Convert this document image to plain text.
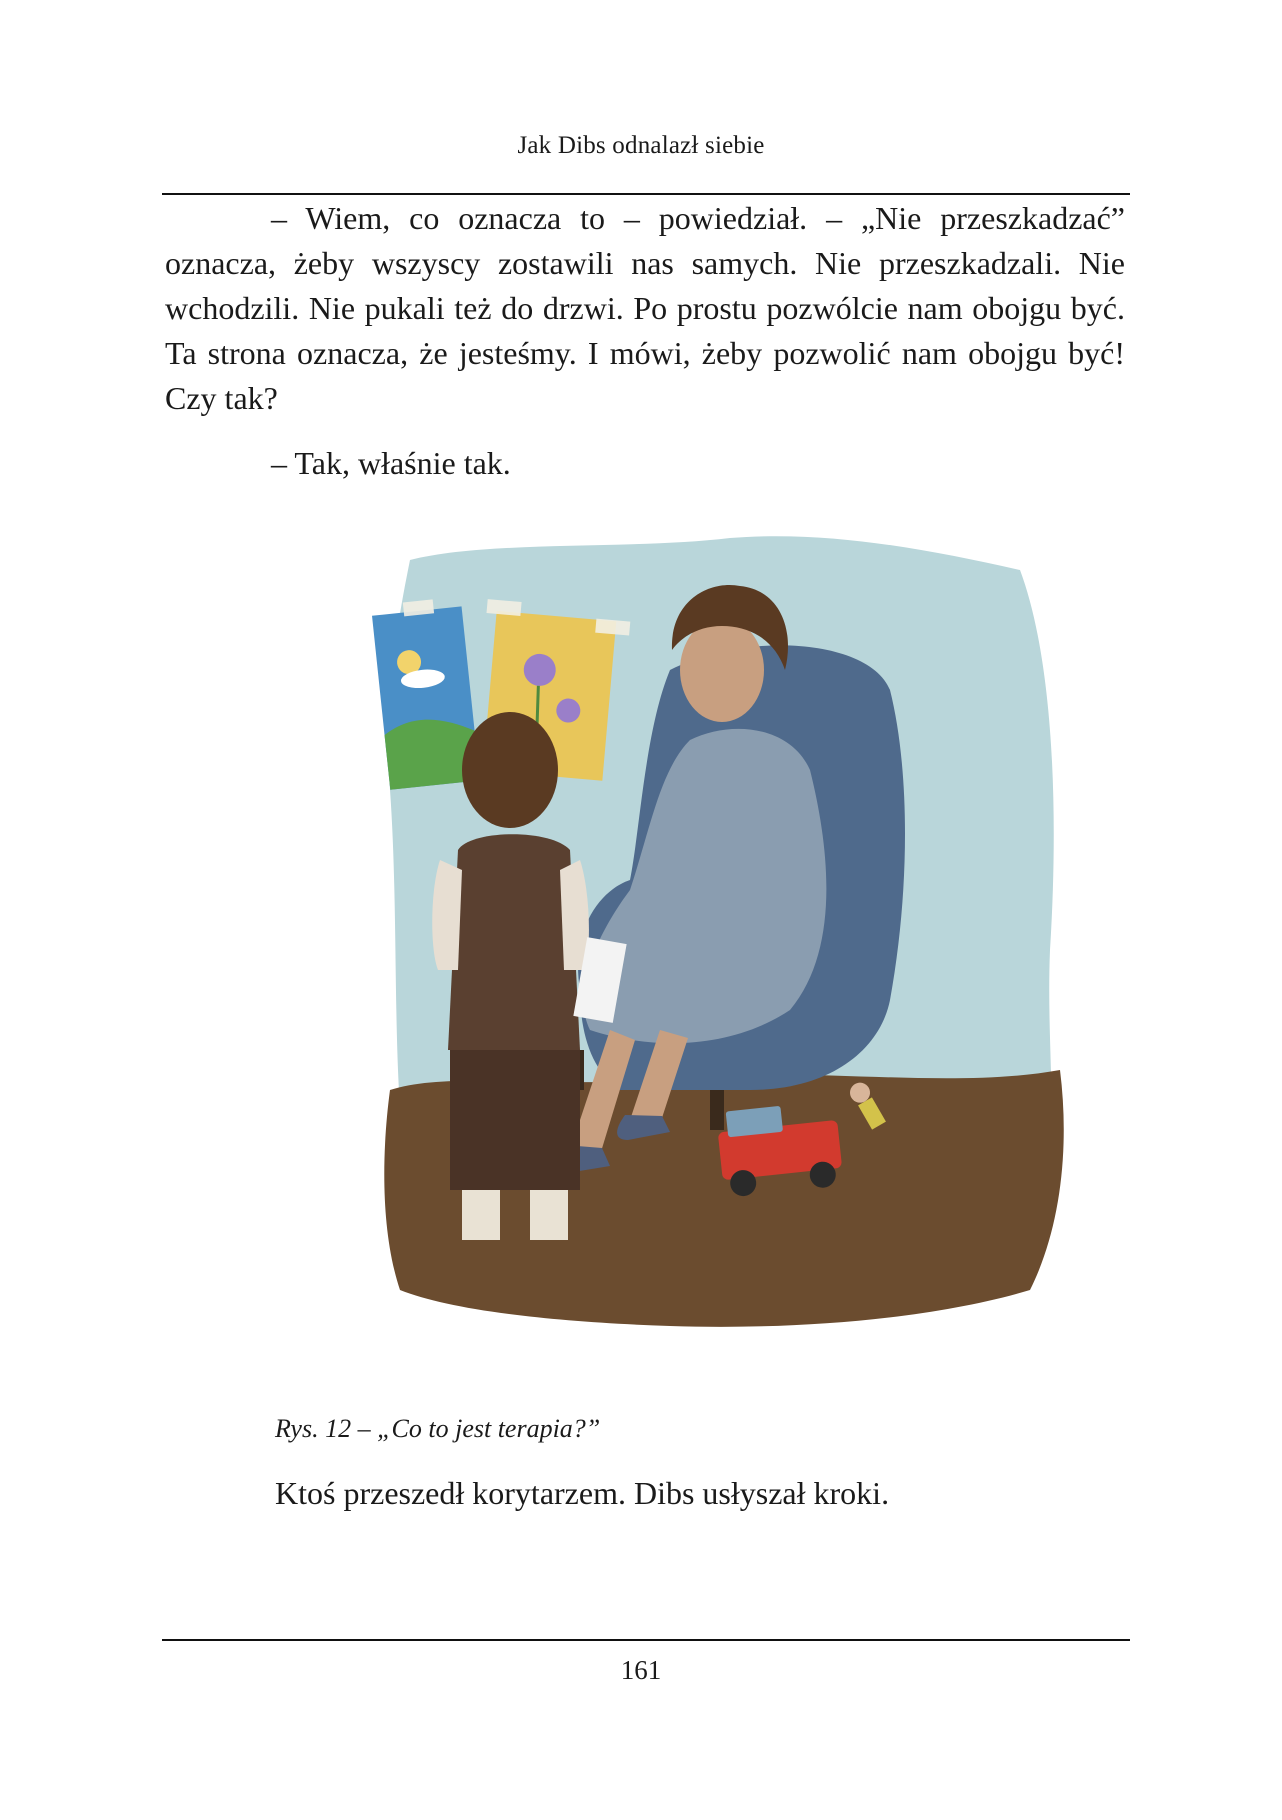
Jak Dibs odnalazł siebie
– Wiem, co oznacza to – powiedział. – „Nie przeszkadzać” oznacza, żeby wszyscy zostawili nas samych. Nie przeszkadzali. Nie wchodzili. Nie pukali też do drzwi. Po prostu pozwólcie nam obojgu być. Ta strona oznacza, że jesteśmy. I mówi, żeby pozwolić nam obojgu być! Czy tak?
– Tak, właśnie tak.
Rys. 12 – „Co to jest terapia?”
Ktoś przeszedł korytarzem. Dibs usłyszał kroki.
161
